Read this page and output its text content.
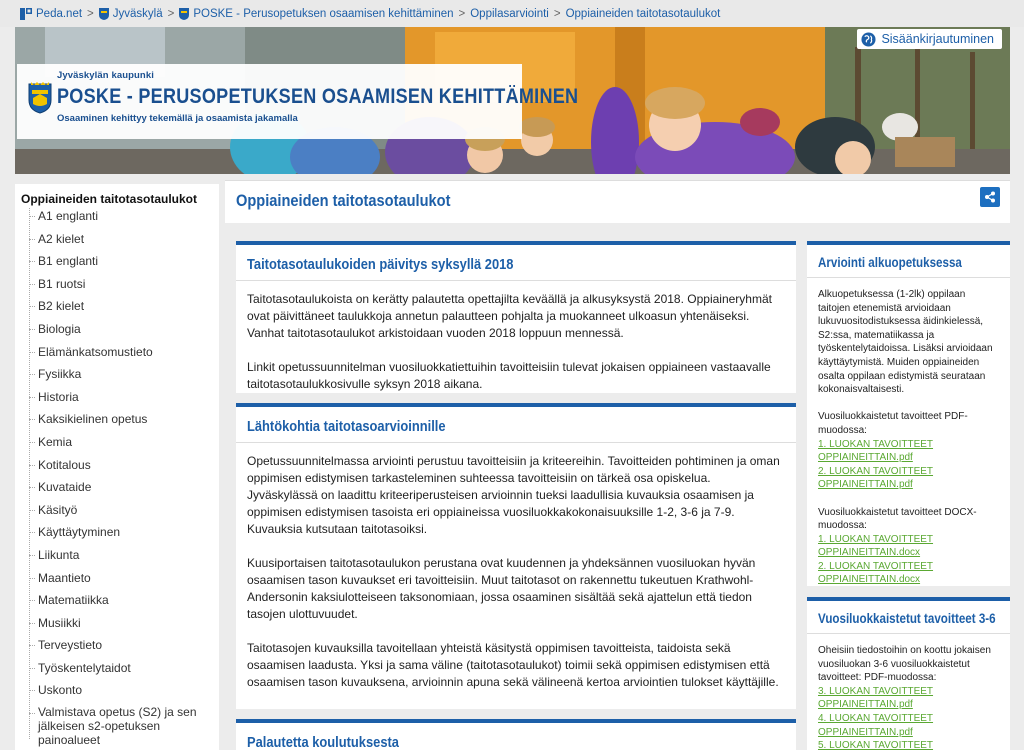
Peda.net > Jyväskylä > POSKE - Perusopetuksen osaamisen kehittäminen > Oppilasarviointi > Oppiaineiden taitotasotaulukot
Jyväskylän kaupunki
POSKE - PERUSOPETUKSEN OSAAMISEN KEHITTÄMINEN
Osaaminen kehittyy tekemällä ja osaamista jakamalla
Sisäänkirjautuminen
Oppiaineiden taitotasotaulukot
A1 englanti
A2 kielet
B1 englanti
B1 ruotsi
B2 kielet
Biologia
Elämänkatsomustieto
Fysiikka
Historia
Kaksikielinen opetus
Kemia
Kotitalous
Kuvataide
Käsityö
Käyttäytyminen
Liikunta
Maantieto
Matematiikka
Musiikki
Terveystieto
Työskentelytaidot
Uskonto
Valmistava opetus (S2) ja sen jälkeisen s2-opetuksen painoalueet
Oppiaineiden taitotasotaulukot
Taitotasotaulukoiden päivitys syksyllä 2018

Taitotasotaulukoista on kerätty palautetta opettajilta keväällä ja alkusyksystä 2018. Oppiaineryhmät ovat päivittäneet taulukkoja annetun palautteen pohjalta ja muokanneet ulkoasun yhtenäiseksi. Vanhat taitotasotaulukot arkistoidaan vuoden 2018 loppuun mennessä.

Linkit opetussuunnitelman vuosiluokkatiettuihin tavoitteisiin tulevat jokaisen oppiaineen vastaavalle taitotasotaulukkosivulle syksyn 2018 aikana.

Lähtökohtia taitotasoarvioinnille

Opetussuunnitelmassa arviointi perustuu tavoitteisiin ja kriteereihin. Tavoitteiden pohtiminen ja oman oppimisen edistymisen tarkasteleminen suhteessa tavoitteisiin on tärkeä osa opiskelua. Jyväskylässä on laadittu kriteeriperusteisen arvioinnin tueksi laadullisia kuvauksia osaamisen ja oppimisen edistymisen tasoista eri oppiaineissa vuosiluokkakokonaisuuksille 1-2, 3-6 ja 7-9. Kuvauksia kutsutaan taitotasoiksi.

Kuusiportaisen taitotasotaulukon perustana ovat kuudennen ja yhdeksännen vuosiluokan hyvän osaamisen tason kuvaukset eri tavoitteisiin. Muut taitotasot on rakennettu tukeutuen Krathwohl-Andersonin kaksiulotteiseen taksonomiaan, jossa osaaminen sisältää sekä ajattelun että tiedon tasojen ulottuvuudet.

Taitotasojen kuvauksilla tavoitellaan yhteistä käsitystä oppimisen tavoitteista, taidoista sekä osaamisen laadusta. Yksi ja sama väline (taitotasotaulukot) toimii sekä oppimisen edistymisen että osaamisen tason kuvauksena, arvioinnin apuna sekä välineenä kertoa arviointien tulokset käyttäjille.

Palautetta koulutuksesta
Arviointi alkuopetuksessa

Alkuopetuksessa (1-2lk) oppilaan taitojen etenemistä arvioidaan lukuvuositodistuksessa äidinkielessä, S2:ssa, matematiikassa ja työskentelytaidoissa. Lisäksi arvioidaan käyttäytymistä. Muiden oppiaineiden osalta oppilaan edistymistä seurataan kokonaisvaltaisesti.

Vuosiluokkaistetut tavoitteet PDF-muodossa:

1. LUOKAN TAVOITTEET OPPIAINEITTAIN.pdf
2. LUOKAN TAVOITTEET OPPIAINEITTAIN.pdf

Vuosiluokkaistetut tavoitteet DOCX-muodossa:

1. LUOKAN TAVOITTEET OPPIAINEITTAIN.docx
2. LUOKAN TAVOITTEET OPPIAINEITTAIN.docx
Vuosiluokkaistetut tavoitteet 3-6

Oheisiin tiedostoihin on koottu jokaisen vuosiluokan 3-6 vuosiluokkaistetut tavoitteet: PDF-muodossa:

3. LUOKAN TAVOITTEET OPPIAINEITTAIN.pdf
4. LUOKAN TAVOITTEET OPPIAINEITTAIN.pdf
5. LUOKAN TAVOITTEET
